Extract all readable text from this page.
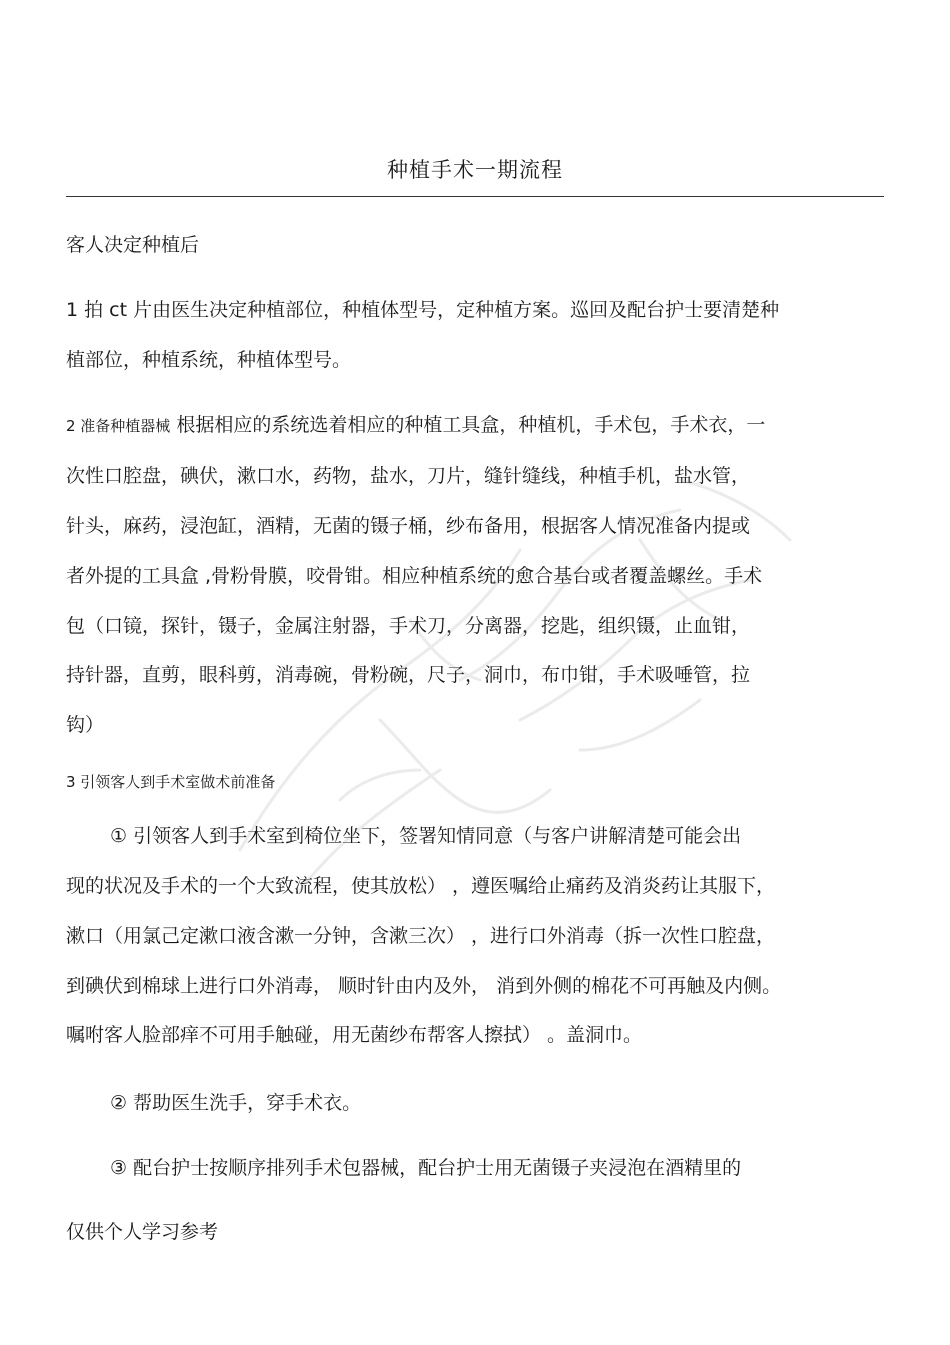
种植手术一期流程
客人决定种植后
1 拍 ct 片由医生决定种植部位，种植体型号，定种植方案。巡回及配台护士要清楚种
植部位，种植系统，种植体型号。
2 准备种植器械 根据相应的系统选着相应的种植工具盒，种植机，手术包，手术衣，一
次性口腔盘，碘伏，漱口水，药物，盐水，刀片，缝针缝线，种植手机，盐水管，
针头，麻药，浸泡缸，酒精，无菌的镊子桶，纱布备用，根据客人情况准备内提或
者外提的工具盒 ,骨粉骨膜，咬骨钳。相应种植系统的愈合基台或者覆盖螺丝。手术
包（口镜，探针，镊子，金属注射器，手术刀，分离器，挖匙，组织镊，止血钳，
持针器，直剪，眼科剪，消毒碗，骨粉碗，尺子，洞巾，布巾钳，手术吸唾管，拉
钩）
3 引领客人到手术室做术前准备
① 引领客人到手术室到椅位坐下，签署知情同意（与客户讲解清楚可能会出
现的状况及手术的一个大致流程，使其放松） ，遵医嘱给止痛药及消炎药让其服下，
漱口（用氯己定漱口液含漱一分钟，含漱三次） ，进行口外消毒（拆一次性口腔盘，
到碘伏到棉球上进行口外消毒， 顺时针由内及外， 消到外侧的棉花不可再触及内侧。
嘱咐客人脸部痒不可用手触碰，用无菌纱布帮客人擦拭） 。盖洞巾。
② 帮助医生洗手，穿手术衣。
③ 配台护士按顺序排列手术包器械，配台护士用无菌镊子夹浸泡在酒精里的
仅供个人学习参考
